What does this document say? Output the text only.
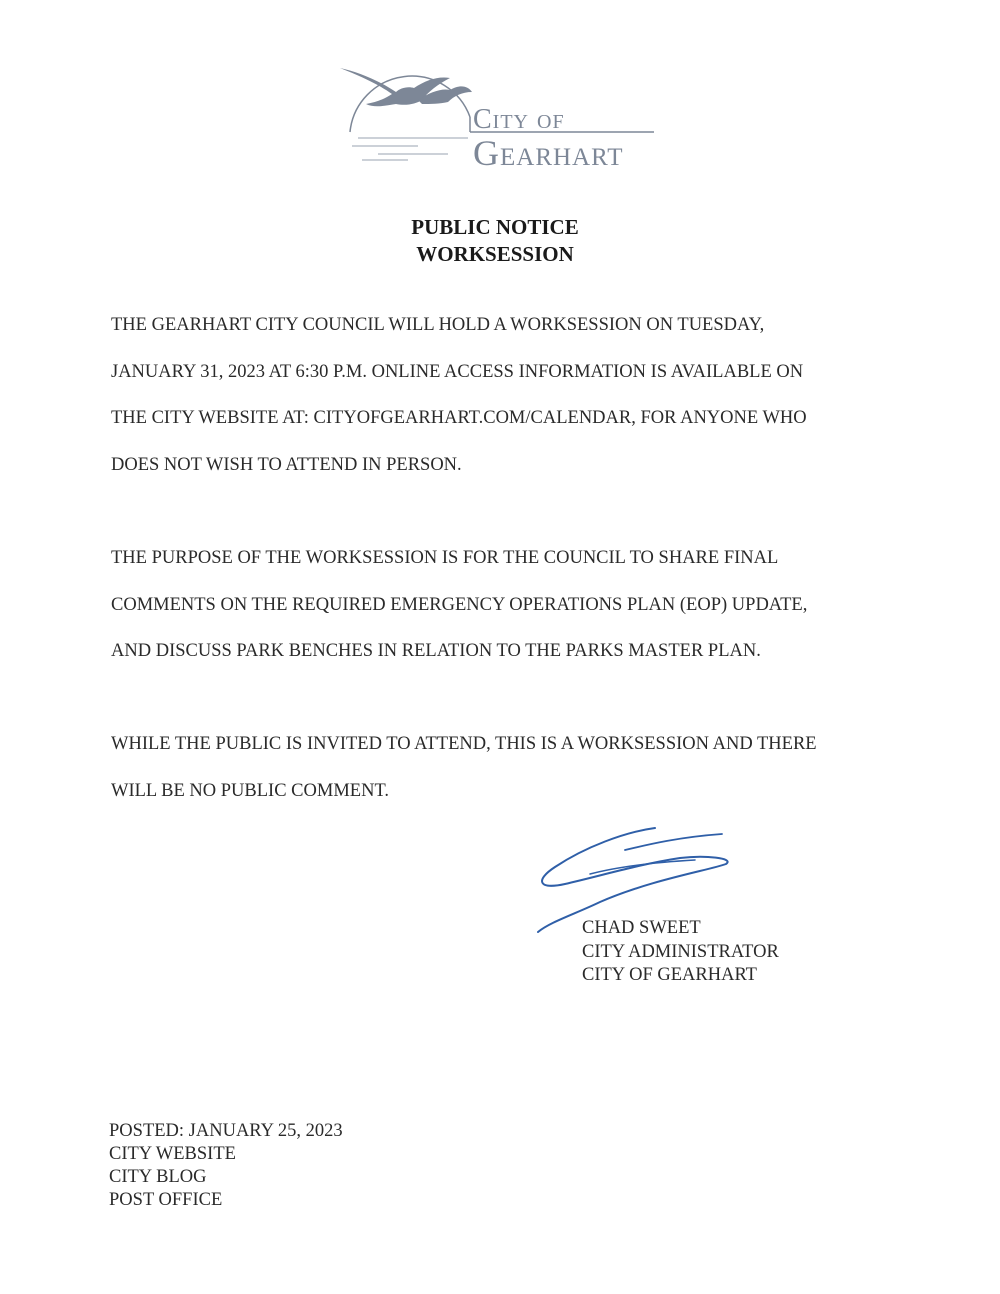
City of
Gearhart
PUBLIC NOTICE
WORKSESSION

THE GEARHART CITY COUNCIL WILL HOLD A WORKSESSION ON TUESDAY,

JANUARY 31, 2023 AT 6:30 P.M. ONLINE ACCESS INFORMATION IS AVAILABLE ON

THE CITY WEBSITE AT: CITYOFGEARHART.COM/CALENDAR, FOR ANYONE WHO

DOES NOT WISH TO ATTEND IN PERSON.

THE PURPOSE OF THE WORKSESSION IS FOR THE COUNCIL TO SHARE FINAL

COMMENTS ON THE REQUIRED EMERGENCY OPERATIONS PLAN (EOP) UPDATE,

AND DISCUSS PARK BENCHES IN RELATION TO THE PARKS MASTER PLAN.

WHILE THE PUBLIC IS INVITED TO ATTEND, THIS IS A WORKSESSION AND THERE

WILL BE NO PUBLIC COMMENT.

CHAD SWEET
CITY ADMINISTRATOR
CITY OF GEARHART
POSTED: JANUARY 25, 2023
CITY WEBSITE
CITY BLOG
POST OFFICE
